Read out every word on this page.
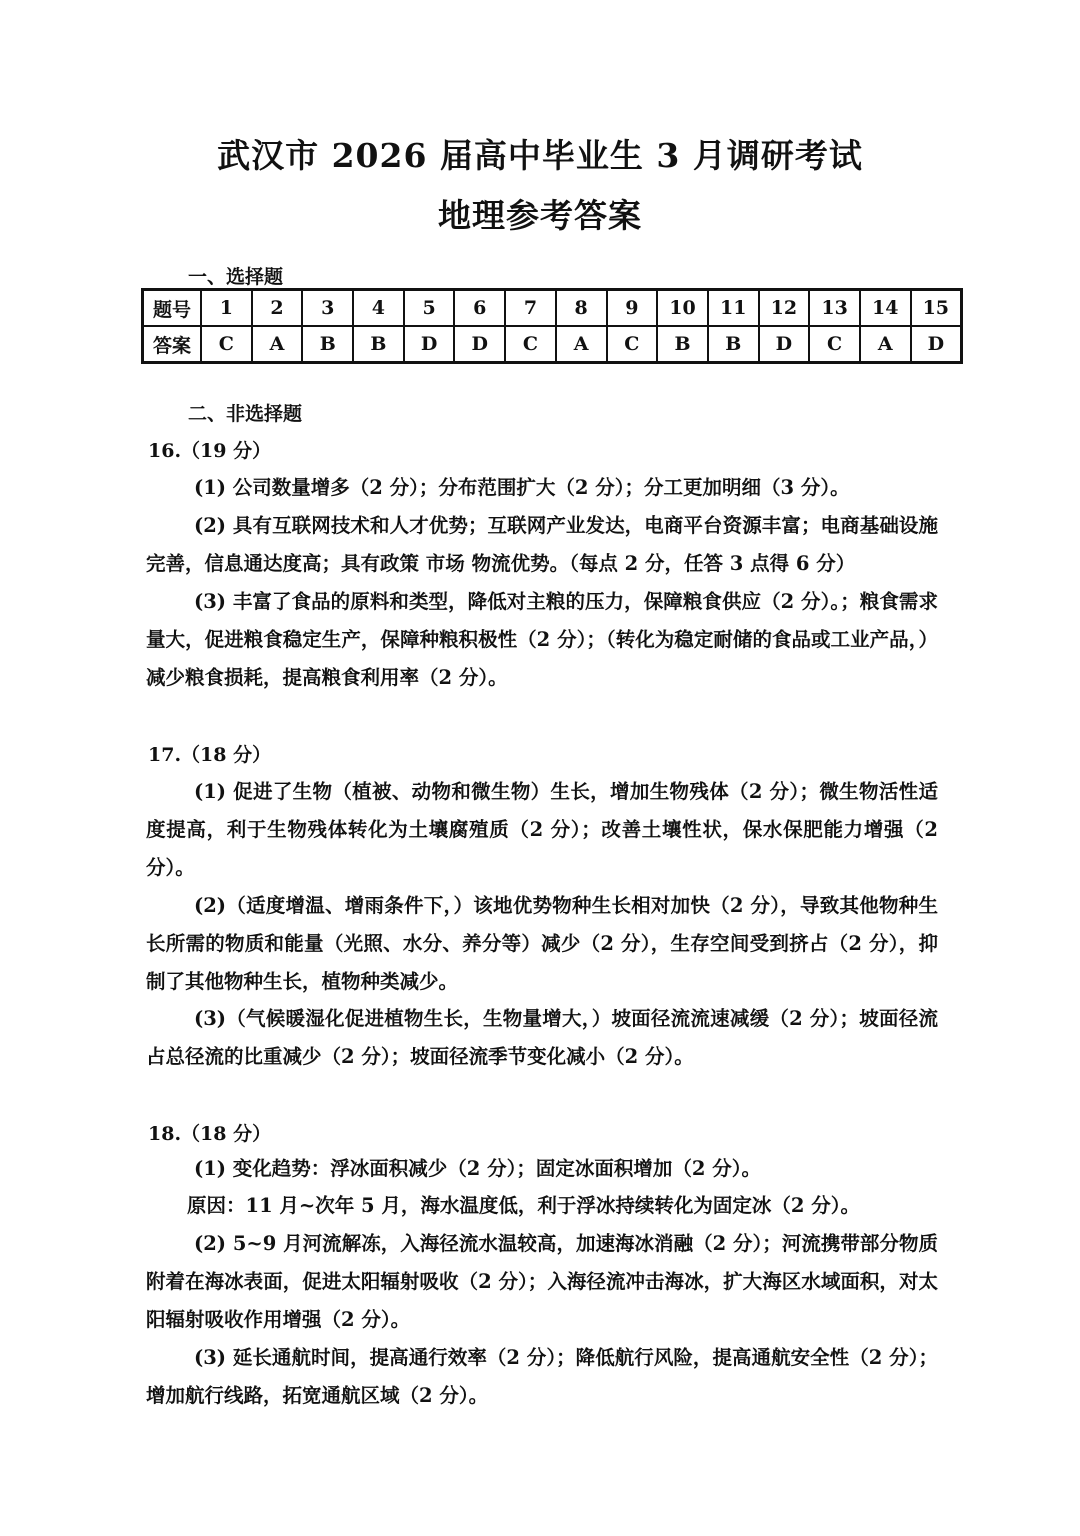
武汉市 2026 届高中毕业生 3 月调研考试
地理参考答案
一、选择题
题号	1	2	3	4	5	6	7	8	9	10	11	12	13	14	15
答案	C	A	B	B	D	D	C	A	C	B	B	D	C	A	D
二、非选择题
16.（19 分）
(1) 公司数量增多（2 分）；分布范围扩大（2 分）；分工更加明细（3 分）。
(2) 具有互联网技术和人才优势；互联网产业发达，电商平台资源丰富；电商基础设施完善，信息通达度高；具有政策 市场 物流优势。（每点 2 分，任答 3 点得 6 分）
(3) 丰富了食品的原料和类型，降低对主粮的压力，保障粮食供应（2 分）。；粮食需求量大，促进粮食稳定生产，保障种粮积极性（2 分）；（转化为稳定耐储的食品或工业产品，）减少粮食损耗，提高粮食利用率（2 分）。
17.（18 分）
(1) 促进了生物（植被、动物和微生物）生长，增加生物残体（2 分）；微生物活性适度提高，利于生物残体转化为土壤腐殖质（2 分）；改善土壤性状，保水保肥能力增强（2 分）。
(2)（适度增温、增雨条件下，）该地优势物种生长相对加快（2 分），导致其他物种生长所需的物质和能量（光照、水分、养分等）减少（2 分），生存空间受到挤占（2 分），抑制了其他物种生长，植物种类减少。
(3)（气候暖湿化促进植物生长，生物量增大，）坡面径流流速减缓（2 分）；坡面径流占总径流的比重减少（2 分）；坡面径流季节变化减小（2 分）。
18.（18 分）
(1) 变化趋势：浮冰面积减少（2 分）；固定冰面积增加（2 分）。
原因：11 月~次年 5 月，海水温度低，利于浮冰持续转化为固定冰（2 分）。
(2) 5~9 月河流解冻，入海径流水温较高，加速海冰消融（2 分）；河流携带部分物质附着在海冰表面，促进太阳辐射吸收（2 分）；入海径流冲击海冰，扩大海区水域面积，对太阳辐射吸收作用增强（2 分）。
(3) 延长通航时间，提高通行效率（2 分）；降低航行风险，提高通航安全性（2 分）；增加航行线路，拓宽通航区域（2 分）。
